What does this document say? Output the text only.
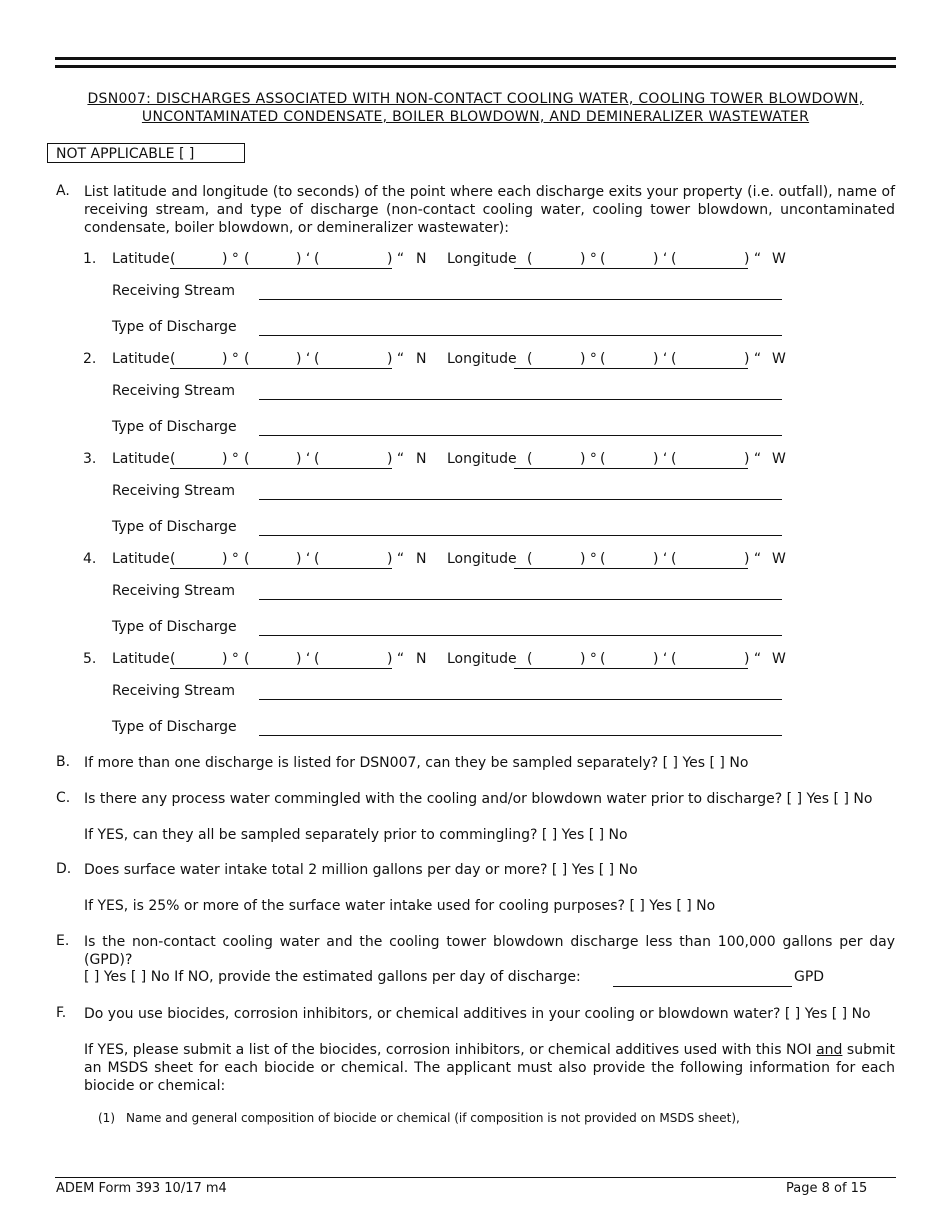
DSN007: DISCHARGES ASSOCIATED WITH NON-CONTACT COOLING WATER, COOLING TOWER BLOWDOWN,
UNCONTAMINATED CONDENSATE, BOILER BLOWDOWN, AND DEMINERALIZER WASTEWATER
NOT APPLICABLE [ ]
A. List latitude and longitude (to seconds) of the point where each discharge exits your property (i.e. outfall), name of receiving stream, and type of discharge (non-contact cooling water, cooling tower blowdown, uncontaminated condensate, boiler blowdown, or demineralizer wastewater):
1. Latitude (	) ° (	) ‘ (	) “ N Longitude (	) ° (	) ‘ (	) “ W
Receiving Stream
Type of Discharge
2. Latitude (	) ° (	) ‘ (	) “ N Longitude (	) ° (	) ‘ (	) “ W
Receiving Stream
Type of Discharge
3. Latitude (	) ° (	) ‘ (	) “ N Longitude (	) ° (	) ‘ (	) “ W
Receiving Stream
Type of Discharge
4. Latitude (	) ° (	) ‘ (	) “ N Longitude (	) ° (	) ‘ (	) “ W
Receiving Stream
Type of Discharge
5. Latitude (	) ° (	) ‘ (	) “ N Longitude (	) ° (	) ‘ (	) “ W
Receiving Stream
Type of Discharge
B. If more than one discharge is listed for DSN007, can they be sampled separately? [ ] Yes [ ] No
C. Is there any process water commingled with the cooling and/or blowdown water prior to discharge? [ ] Yes [ ] No
If YES, can they all be sampled separately prior to commingling? [ ] Yes [ ] No
D. Does surface water intake total 2 million gallons per day or more? [ ] Yes [ ] No
If YES, is 25% or more of the surface water intake used for cooling purposes? [ ] Yes [ ] No
E. Is the non-contact cooling water and the cooling tower blowdown discharge less than 100,000 gallons per day (GPD)?
[ ] Yes [ ] No If NO, provide the estimated gallons per day of discharge:	GPD
F. Do you use biocides, corrosion inhibitors, or chemical additives in your cooling or blowdown water? [ ] Yes [ ] No
If YES, please submit a list of the biocides, corrosion inhibitors, or chemical additives used with this NOI and submit an MSDS sheet for each biocide or chemical. The applicant must also provide the following information for each biocide or chemical:
(1) Name and general composition of biocide or chemical (if composition is not provided on MSDS sheet),
ADEM Form 393 10/17 m4	Page 8 of 15
